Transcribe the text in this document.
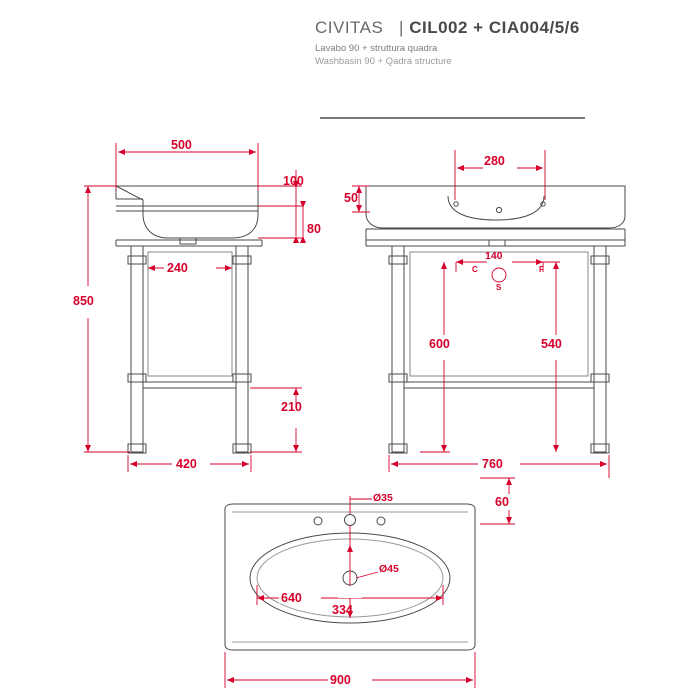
CIVITAS | CIL002 + CIA004/5/6
Lavabo 90 + struttura quadra
Washbasin 90 + Qadra structure
500
100
80
240
850
210
420
280
50
140
C	F
S
600	540
760
60
Ø35
Ø45
640
334
900
